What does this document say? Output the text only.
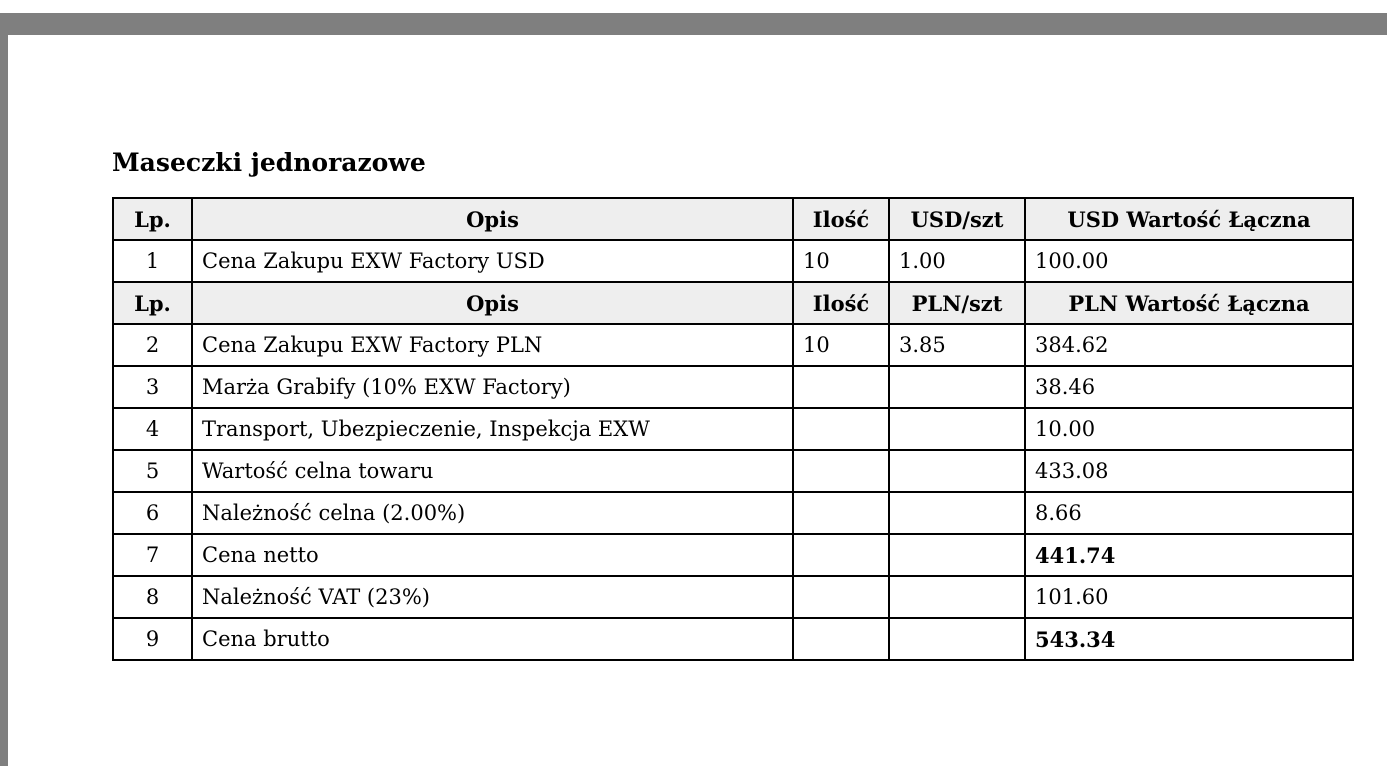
Maseczki jednorazowe
Lp.	Opis	Ilość	USD/szt	USD Wartość Łączna
1	Cena Zakupu EXW Factory USD	10	1.00	100.00
Lp.	Opis	Ilość	PLN/szt	PLN Wartość Łączna
2	Cena Zakupu EXW Factory PLN	10	3.85	384.62
3	Marża Grabify (10% EXW Factory)			38.46
4	Transport, Ubezpieczenie, Inspekcja EXW			10.00
5	Wartość celna towaru			433.08
6	Należność celna (2.00%)			8.66
7	Cena netto			441.74
8	Należność VAT (23%)			101.60
9	Cena brutto			543.34
